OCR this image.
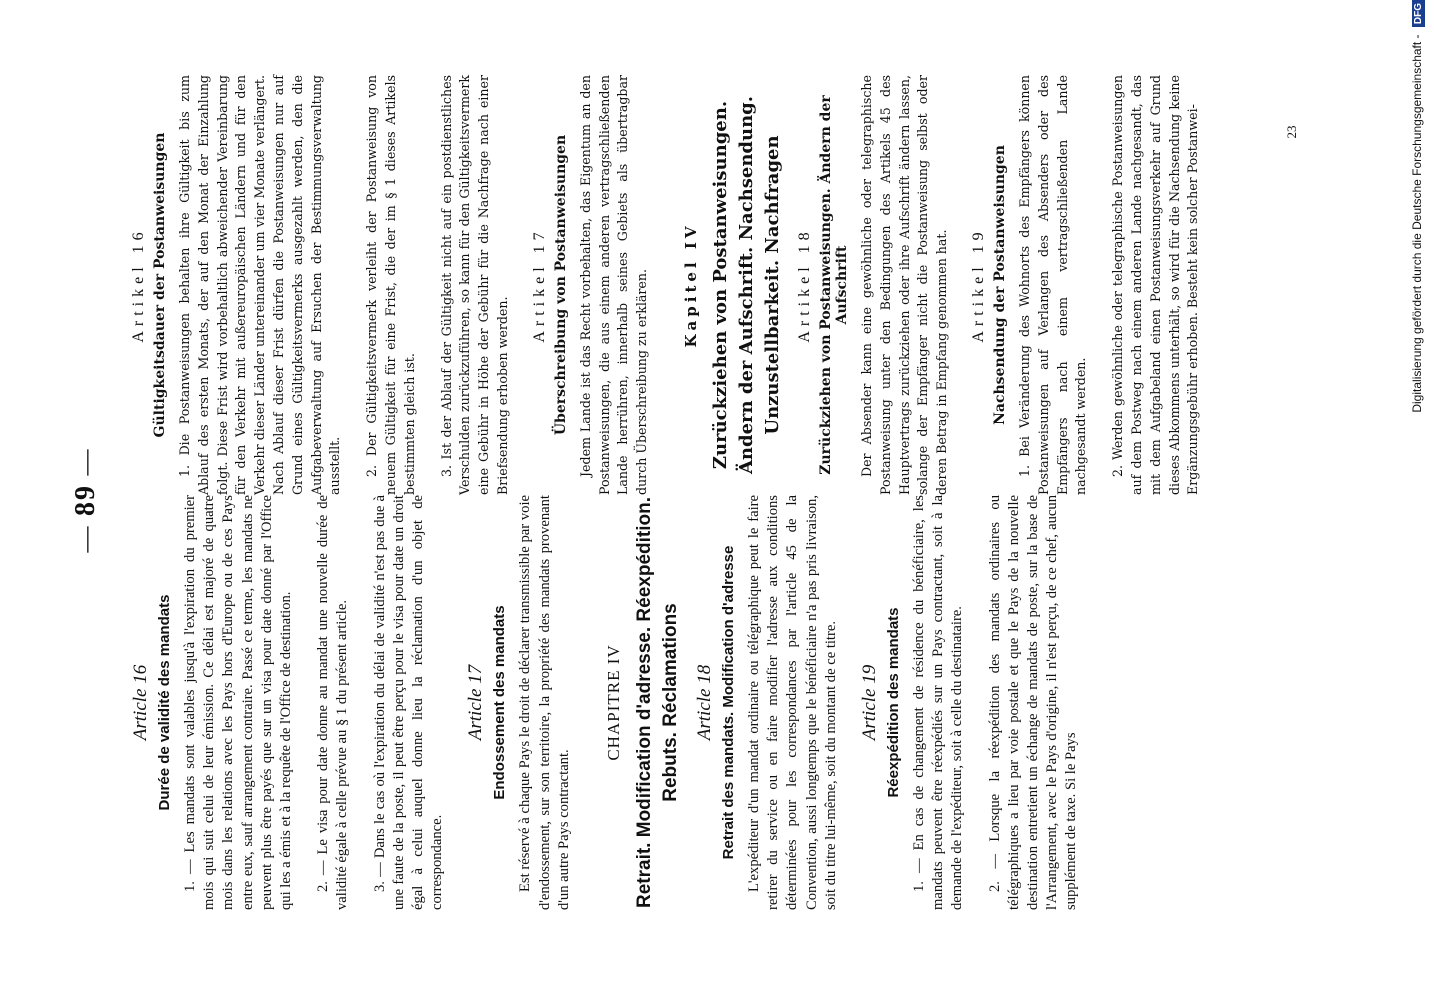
— 89 —
Article 16 Durée de validité des mandats 1. — Les mandats sont valables jusqu'à l'expiration du premier mois qui suit celui de leur émission. Ce délai est majoré de quatre mois dans les relations avec les Pays hors d'Europe ou de ces Pays entre eux, sauf arrangement contraire. Passé ce terme, les mandats ne peuvent plus être payés que sur un visa pour date donné par l'Office qui les a émis et à la requête de l'Office de destination. 2. — Le visa pour date donne au mandat une nouvelle durée de validité égale à celle prévue au § 1 du présent article. 3. — Dans le cas où l'expiration du délai de validité n'est pas due à une faute de la poste, il peut être perçu pour le visa pour date un droit égal à celui auquel donne lieu la réclamation d'un objet de correspondance.

Article 17 Endossement des mandats Est réservé à chaque Pays le droit de déclarer transmissible par voie d'endossement, sur son territoire, la propriété des mandats provenant d'un autre Pays contractant.

CHAPITRE IV Retrait. Modification d'adresse. Réexpédition. Rebuts. Réclamations Article 18 Retrait des mandats. Modification d'adresse L'expéditeur d'un mandat ordinaire ou télégraphique peut le faire retirer du service ou en faire modifier l'adresse aux conditions déterminées pour les correspondances par l'article 45 de la Convention, aussi longtemps que le bénéficiaire n'a pas pris livraison, soit du titre lui-même, soit du montant de ce titre. Article 19 Réexpédition des mandats 1. — En cas de changement de résidence du bénéficiaire, les mandats peuvent être réexpédiés sur un Pays contractant, soit à la demande de l'expéditeur, soit à celle du destinataire. 2. — Lorsque la réexpédition des mandats ordinaires ou télégraphiques a lieu par voie postale et que le Pays de la nouvelle destination entretient un échange de mandats de poste, sur la base de l'Arrangement, avec le Pays d'origine, il n'est perçu, de ce chef, aucun supplément de taxe. Si le Pays

Artikel 16 Gültigkeitsdauer der Postanweisungen 1. Die Postanweisungen behalten ihre Gültigkeit bis zum Ablauf des ersten Monats, der auf den Monat der Einzahlung folgt. Diese Frist wird vorbehaltlich abweichender Vereinbarung für den Verkehr mit außereuropäischen Ländern und für den Verkehr dieser Länder untereinander um vier Monate verlängert. Nach Ablauf dieser Frist dürfen die Postanweisungen nur auf Grund eines Gültigkeitsvermerks ausgezahlt werden, den die Aufgabeverwaltung auf Ersuchen der Bestimmungsverwaltung ausstellt. 2. Der Gültigkeitsvermerk verleiht der Postanweisung von neuem Gültigkeit für eine Frist, die der im § 1 dieses Artikels bestimmten gleich ist. 3. Ist der Ablauf der Gültigkeit nicht auf ein postdienstliches Verschulden zurückzuführen, so kann für den Gültigkeitsvermerk eine Gebühr in Höhe der Gebühr für die Nachfrage nach einer Briefsendung erhoben werden.

Artikel 17 Überschreibung von Postanweisungen Jedem Lande ist das Recht vorbehalten, das Eigentum an den Postanweisungen, die aus einem anderen vertragschließenden Lande herrühren, innerhalb seines Gebiets als übertragbar durch Überschreibung zu erklären. Kapitel IV Zurückziehen von Postanweisungen. Ändern der Aufschrift. Nachsendung. Unzustellbarkeit. Nachfragen Artikel 18 Zurückziehen von Postanweisungen. Ändern der Aufschrift Der Absender kann eine gewöhnliche oder telegraphische Postanweisung unter den Bedingungen des Artikels 45 des Hauptvertrags zurückziehen oder ihre Aufschrift ändern lassen, solange der Empfänger nicht die Postanweisung selbst oder deren Betrag in Empfang genommen hat. Artikel 19 Nachsendung der Postanweisungen 1. Bei Veränderung des Wohnorts des Empfängers können Postanweisungen auf Verlangen des Absenders oder des Empfängers nach einem vertragschließenden Lande nachgesandt werden. 2. Werden gewöhnliche oder telegraphische Postanweisungen auf dem Postweg nach einem anderen Lande nachgesandt, das mit dem Aufgabeland einen Postanweisungsverkehr auf Grund dieses Abkommens unterhält, so wird für die Nachsendung keine Ergänzungsgebühr erhoben. Besteht kein solcher Postanwei-	23	Digitalisierung gefördert durch die Deutsche Forschungsgemeinschaft - DFG
